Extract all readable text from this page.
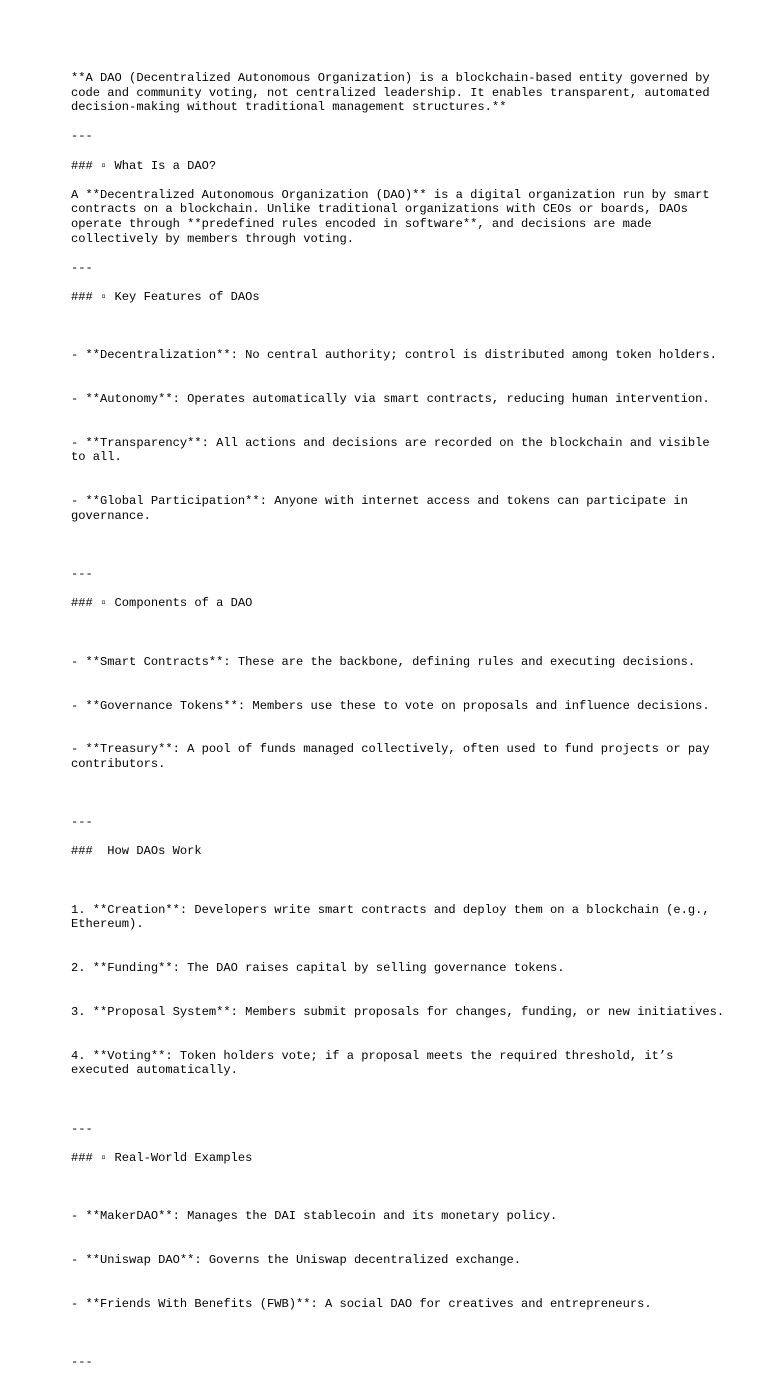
**A DAO (Decentralized Autonomous Organization) is a blockchain-based entity governed by code and community voting, not centralized leadership. It enables transparent, automated decision-making without traditional management structures.**
---
### ▫ What Is a DAO?
A **Decentralized Autonomous Organization (DAO)** is a digital organization run by smart contracts on a blockchain. Unlike traditional organizations with CEOs or boards, DAOs operate through **predefined rules encoded in software**, and decisions are made collectively by members through voting.
---
### ▫ Key Features of DAOs

- **Decentralization**: No central authority; control is distributed among token holders.

- **Autonomy**: Operates automatically via smart contracts, reducing human intervention.

- **Transparency**: All actions and decisions are recorded on the blockchain and visible to all.

- **Global Participation**: Anyone with internet access and tokens can participate in governance.

---
### ▫ Components of a DAO

- **Smart Contracts**: These are the backbone, defining rules and executing decisions.

- **Governance Tokens**: Members use these to vote on proposals and influence decisions.

- **Treasury**: A pool of funds managed collectively, often used to fund projects or pay contributors.

---
###  How DAOs Work

1. **Creation**: Developers write smart contracts and deploy them on a blockchain (e.g., Ethereum).

2. **Funding**: The DAO raises capital by selling governance tokens.

3. **Proposal System**: Members submit proposals for changes, funding, or new initiatives.

4. **Voting**: Token holders vote; if a proposal meets the required threshold, it’s executed automatically.

---
### ▫ Real-World Examples

- **MakerDAO**: Manages the DAI stablecoin and its monetary policy.

- **Uniswap DAO**: Governs the Uniswap decentralized exchange.

- **Friends With Benefits (FWB)**: A social DAO for creatives and entrepreneurs.

---
